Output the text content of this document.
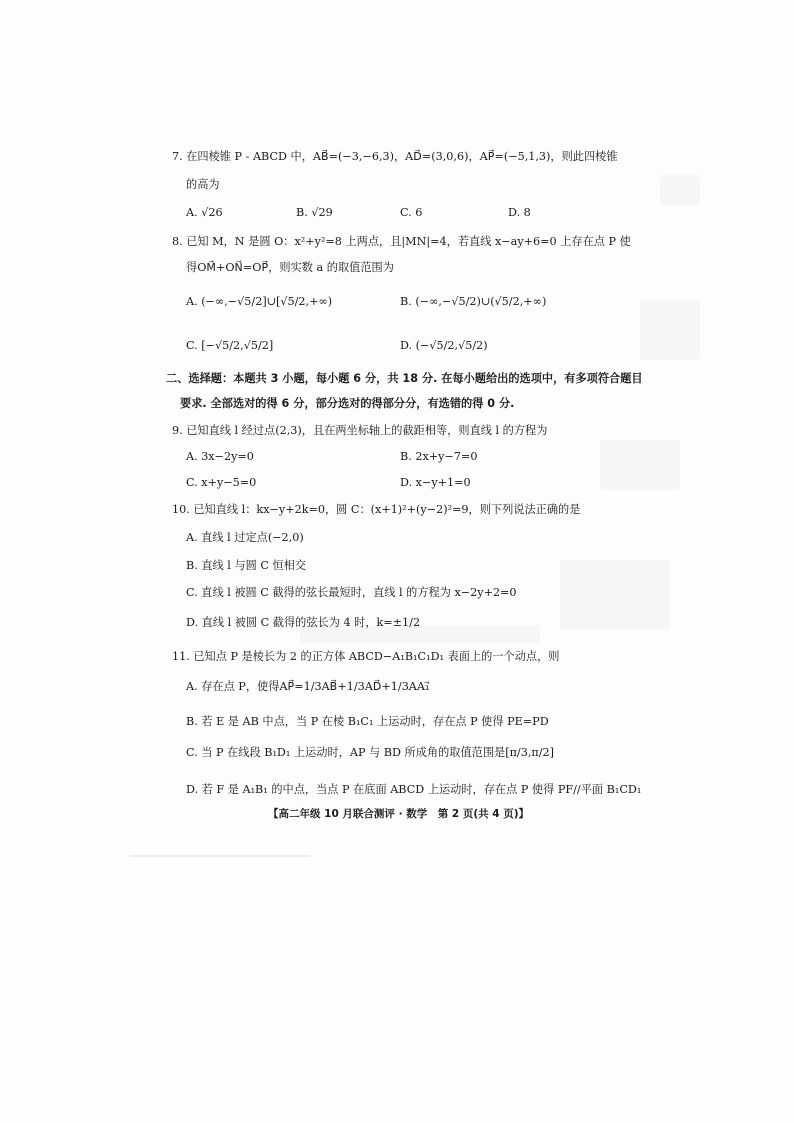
7. 在四棱锥 P - ABCD 中，AB⃗=(−3,−6,3)，AD⃗=(3,0,6)，AP⃗=(−5,1,3)，则此四棱锥
的高为
A. √26	B. √29	C. 6	D. 8
8. 已知 M，N 是圆 O：x²+y²=8 上两点，且|MN|=4，若直线 x−ay+6=0 上存在点 P 使
得OM⃗+ON⃗=OP⃗，则实数 a 的取值范围为
A. (−∞,−√5/2]∪[√5/2,+∞)	B. (−∞,−√5/2)∪(√5/2,+∞)
C. [−√5/2,√5/2]	D. (−√5/2,√5/2)
二、选择题：本题共 3 小题，每小题 6 分，共 18 分. 在每小题给出的选项中，有多项符合题目
要求. 全部选对的得 6 分，部分选对的得部分分，有选错的得 0 分.
9. 已知直线 l 经过点(2,3)，且在两坐标轴上的截距相等，则直线 l 的方程为
A. 3x−2y=0	B. 2x+y−7=0
C. x+y−5=0	D. x−y+1=0
10. 已知直线 l：kx−y+2k=0，圆 C：(x+1)²+(y−2)²=9，则下列说法正确的是
A. 直线 l 过定点(−2,0)
B. 直线 l 与圆 C 恒相交
C. 直线 l 被圆 C 截得的弦长最短时，直线 l 的方程为 x−2y+2=0
D. 直线 l 被圆 C 截得的弦长为 4 时，k=±1/2
11. 已知点 P 是棱长为 2 的正方体 ABCD−A₁B₁C₁D₁ 表面上的一个动点，则
A. 存在点 P，使得AP⃗=1/3AB⃗+1/3AD⃗+1/3AA₁⃗
B. 若 E 是 AB 中点，当 P 在棱 B₁C₁ 上运动时，存在点 P 使得 PE=PD
C. 当 P 在线段 B₁D₁ 上运动时，AP 与 BD 所成角的取值范围是[π/3,π/2]
D. 若 F 是 A₁B₁ 的中点，当点 P 在底面 ABCD 上运动时，存在点 P 使得 PF//平面 B₁CD₁
【高二年级 10 月联合测评 · 数学　第 2 页(共 4 页)】
